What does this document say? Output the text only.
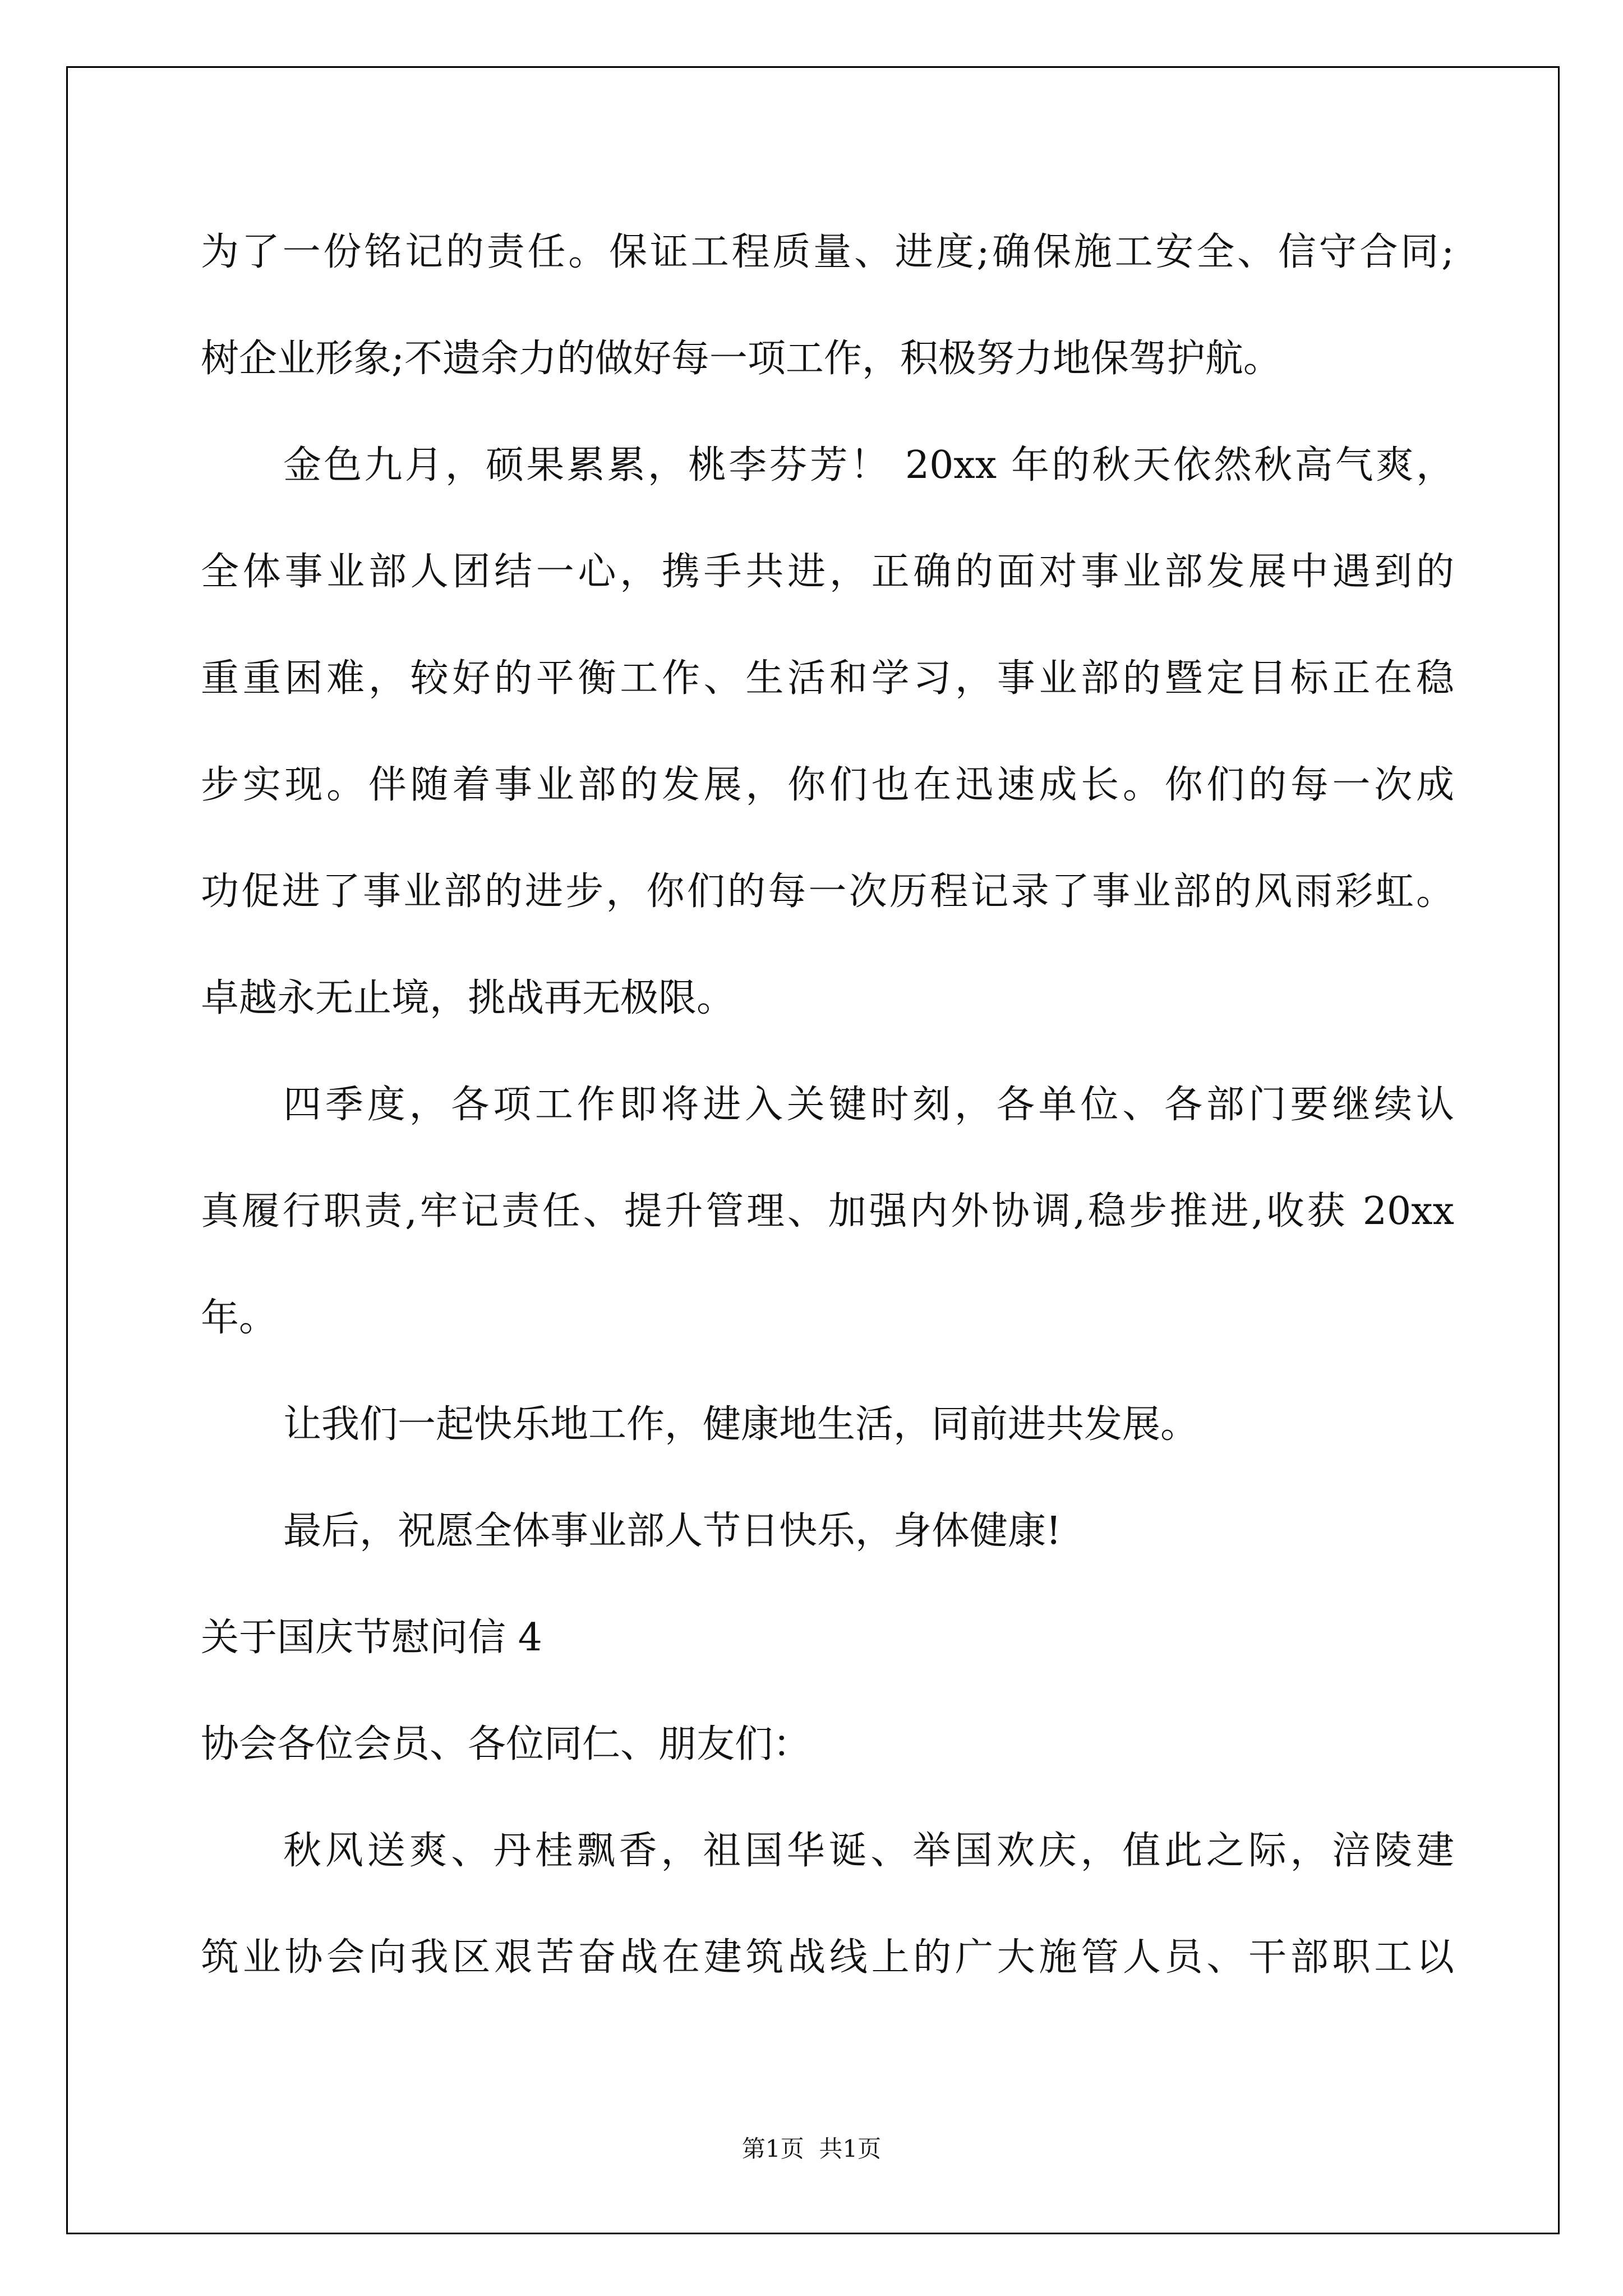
为了一份铭记的责任。保证工程质量、进度;确保施工安全、信守合同;
树企业形象;不遗余力的做好每一项工作，积极努力地保驾护航。
金色九月，硕果累累，桃李芬芳！ 20xx 年的秋天依然秋高气爽，
全体事业部人团结一心，携手共进，正确的面对事业部发展中遇到的
重重困难，较好的平衡工作、生活和学习，事业部的暨定目标正在稳
步实现。伴随着事业部的发展，你们也在迅速成长。你们的每一次成
功促进了事业部的进步，你们的每一次历程记录了事业部的风雨彩虹。
卓越永无止境，挑战再无极限。
四季度，各项工作即将进入关键时刻，各单位、各部门要继续认
真履行职责,牢记责任、提升管理、加强内外协调,稳步推进,收获 20xx
年。
让我们一起快乐地工作，健康地生活，同前进共发展。
最后，祝愿全体事业部人节日快乐，身体健康!
关于国庆节慰问信 4
协会各位会员、各位同仁、朋友们：
秋风送爽、丹桂飘香，祖国华诞、举国欢庆，值此之际，涪陵建
筑业协会向我区艰苦奋战在建筑战线上的广大施管人员、干部职工以
第1页  共1页
